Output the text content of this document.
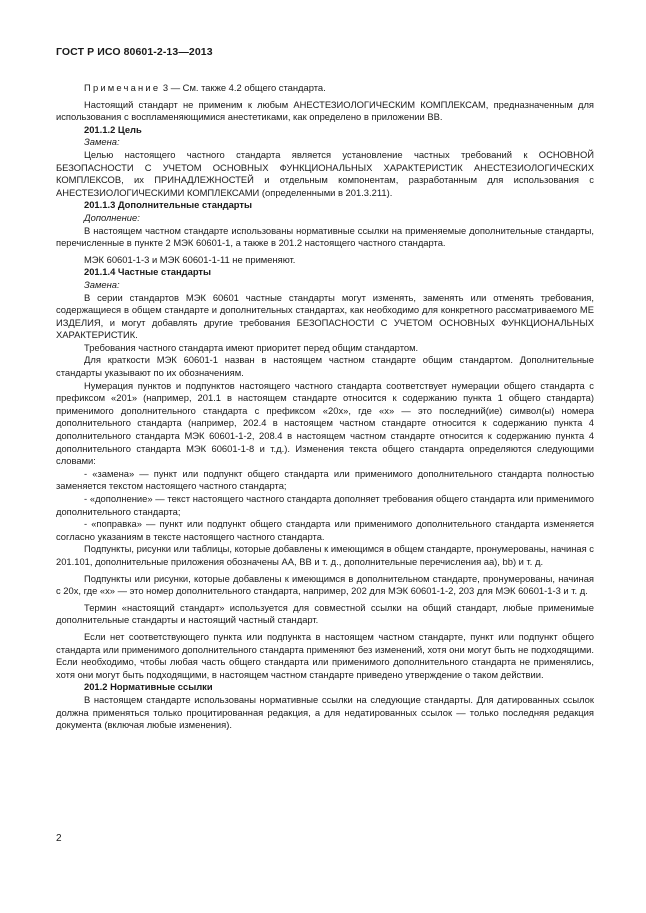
ГОСТ Р ИСО 80601-2-13—2013

Примечание 3 — См. также 4.2 общего стандарта.

Настоящий стандарт не применим к любым АНЕСТЕЗИОЛОГИЧЕСКИМ КОМПЛЕКСАМ, предназначенным для использования с воспламеняющимися анестетиками, как определено в приложении ВВ.

201.1.2 Цель
Замена:

Целью настоящего частного стандарта является установление частных требований к ОСНОВНОЙ БЕЗОПАСНОСТИ С УЧЕТОМ ОСНОВНЫХ ФУНКЦИОНАЛЬНЫХ ХАРАКТЕРИСТИК АНЕСТЕЗИОЛОГИЧЕСКИХ КОМПЛЕКСОВ, их ПРИНАДЛЕЖНОСТЕЙ и отдельным компонентам, разработанным для использования с АНЕСТЕЗИОЛОГИЧЕСКИМИ КОМПЛЕКСАМИ (определенными в 201.3.211).

201.1.3 Дополнительные стандарты
Дополнение:

В настоящем частном стандарте использованы нормативные ссылки на применяемые дополнительные стандарты, перечисленные в пункте 2 МЭК 60601-1, а также в 201.2 настоящего частного стандарта.

МЭК 60601-1-3 и МЭК 60601-1-11 не применяют.

201.1.4 Частные стандарты
Замена:

В серии стандартов МЭК 60601 частные стандарты могут изменять, заменять или отменять требования, содержащиеся в общем стандарте и дополнительных стандартах, как необходимо для конкретного рассматриваемого МЕ ИЗДЕЛИЯ, и могут добавлять другие требования БЕЗОПАСНОСТИ С УЧЕТОМ ОСНОВНЫХ ФУНКЦИОНАЛЬНЫХ ХАРАКТЕРИСТИК.

Требования частного стандарта имеют приоритет перед общим стандартом.

Для краткости МЭК 60601-1 назван в настоящем частном стандарте общим стандартом. Дополнительные стандарты указывают по их обозначениям.

Нумерация пунктов и подпунктов настоящего частного стандарта соответствует нумерации общего стандарта с префиксом «201» (например, 201.1 в настоящем стандарте относится к содержанию пункта 1 общего стандарта) применимого дополнительного стандарта с префиксом «20x», где «x» — это последний(ие) символ(ы) номера дополнительного стандарта (например, 202.4 в настоящем частном стандарте относится к содержанию пункта 4 дополнительного стандарта МЭК 60601-1-2, 208.4 в настоящем частном стандарте относится к содержанию пункта 4 дополнительного стандарта МЭК 60601-1-8 и т.д.). Изменения текста общего стандарта определяются следующими словами:

- «замена» — пункт или подпункт общего стандарта или применимого дополнительного стандарта полностью заменяется текстом настоящего частного стандарта;

- «дополнение» — текст настоящего частного стандарта дополняет требования общего стандарта или применимого дополнительного стандарта;

- «поправка» — пункт или подпункт общего стандарта или применимого дополнительного стандарта изменяется согласно указаниям в тексте настоящего частного стандарта.

Подпункты, рисунки или таблицы, которые добавлены к имеющимся в общем стандарте, пронумерованы, начиная с 201.101, дополнительные приложения обозначены АА, ВВ и т. д., дополнительные перечисления аа), bb) и т. д.

Подпункты или рисунки, которые добавлены к имеющимся в дополнительном стандарте, пронумерованы, начиная с 20x, где «x» — это номер дополнительного стандарта, например, 202 для МЭК 60601-1-2, 203 для МЭК 60601-1-3 и т. д.

Термин «настоящий стандарт» используется для совместной ссылки на общий стандарт, любые применимые дополнительные стандарты и настоящий частный стандарт.

Если нет соответствующего пункта или подпункта в настоящем частном стандарте, пункт или подпункт общего стандарта или применимого дополнительного стандарта применяют без изменений, хотя они могут быть не подходящими. Если необходимо, чтобы любая часть общего стандарта или применимого дополнительного стандарта не применялись, хотя они могут быть подходящими, в настоящем частном стандарте приведено утверждение о таком действии.

201.2 Нормативные ссылки

В настоящем стандарте использованы нормативные ссылки на следующие стандарты. Для датированных ссылок должна применяться только процитированная редакция, а для недатированных ссылок — только последняя редакция документа (включая любые изменения).

2
